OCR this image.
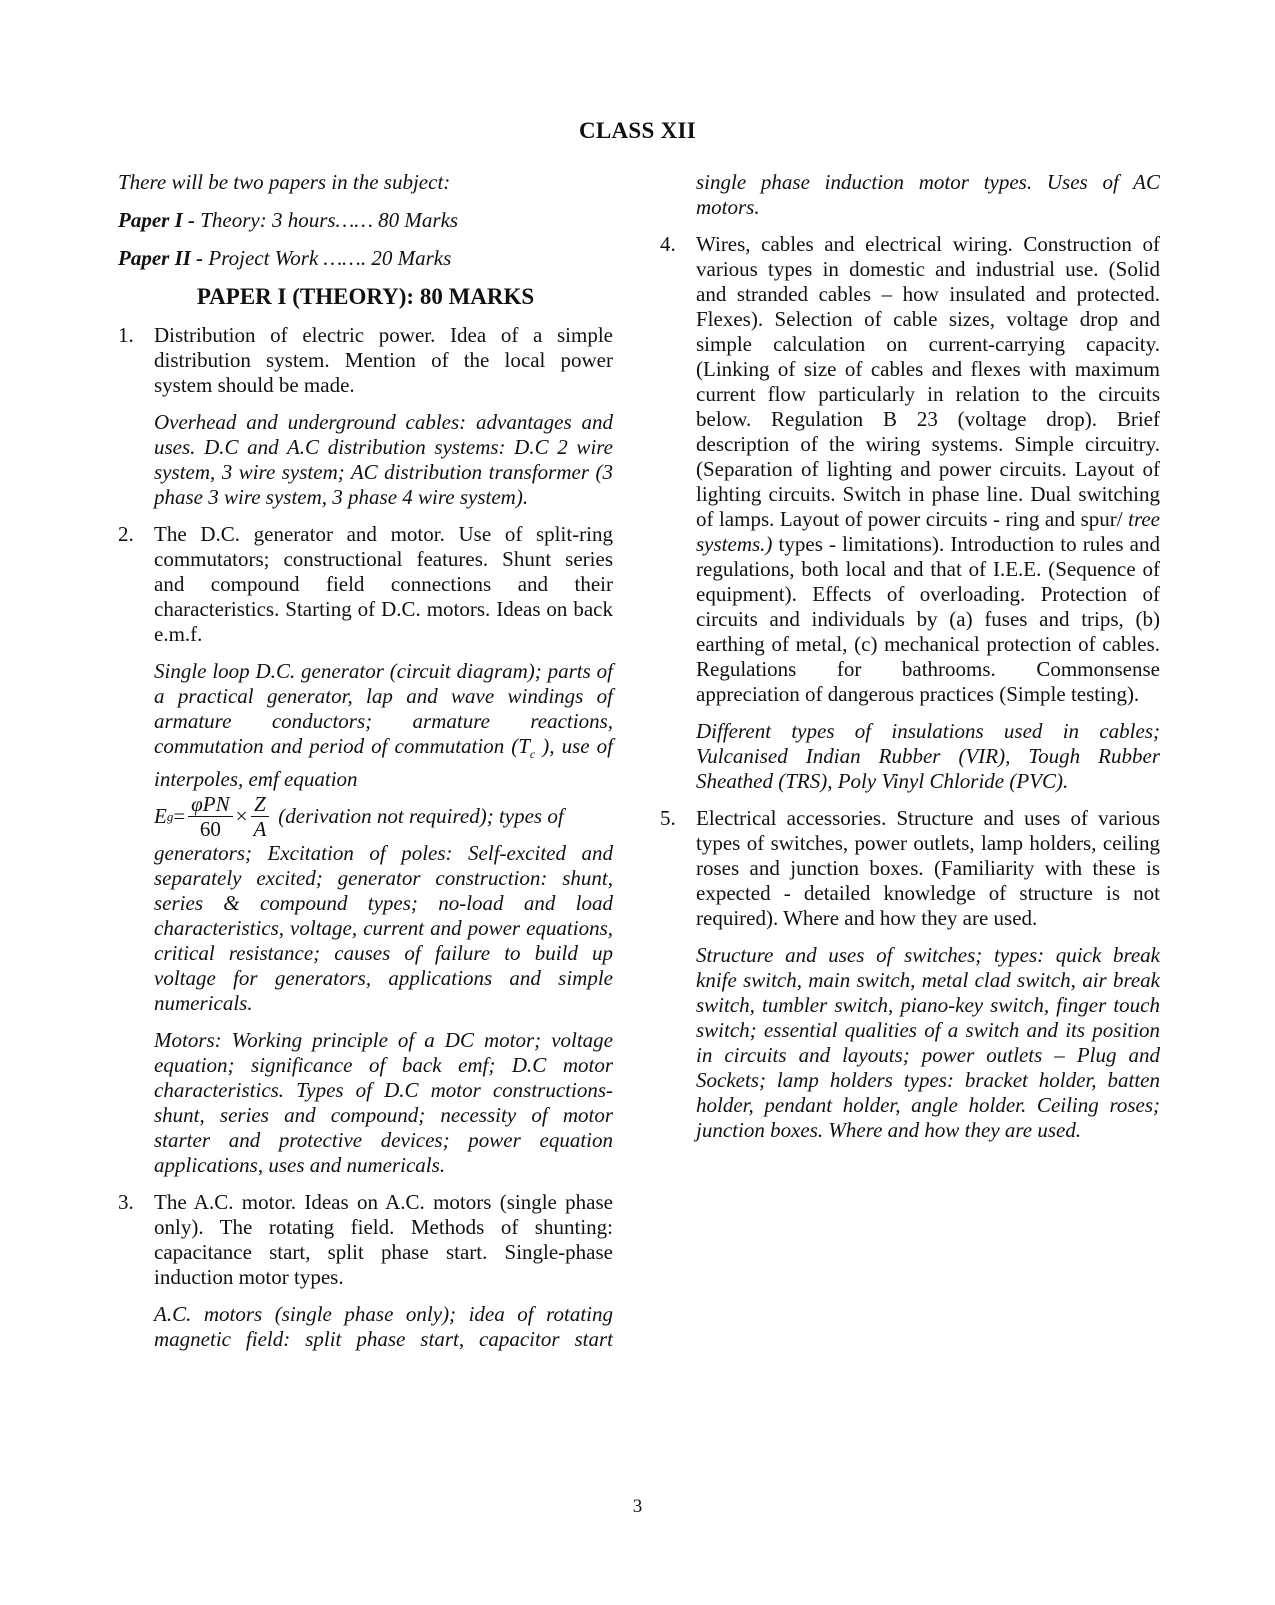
CLASS XII

There will be two papers in the subject:

Paper I - Theory: 3 hours…… 80 Marks

Paper II - Project Work ……. 20 Marks

PAPER I (THEORY): 80 MARKS
1. Distribution of electric power. Idea of a simple distribution system. Mention of the local power system should be made.

Overhead and underground cables: advantages and uses. D.C and A.C distribution systems: D.C 2 wire system, 3 wire system; AC distribution transformer (3 phase 3 wire system, 3 phase 4 wire system).

2. The D.C. generator and motor. Use of split-ring commutators; constructional features. Shunt series and compound field connections and their characteristics. Starting of D.C. motors. Ideas on back e.m.f.

Single loop D.C. generator (circuit diagram); parts of a practical generator, lap and wave windings of armature conductors; armature reactions, commutation and period of commutation ($T_c$ ), use of interpoles, emf equation

E $g = \frac{\text{φPN}}{60} \times \frac{Z}{A}$ (derivation not required); types of

generators; Excitation of poles: Self-excited and separately excited; generator construction: shunt, series & compound types; no-load and load characteristics, voltage, current and power equations, critical resistance; causes of failure to build up voltage for generators, applications and simple numericals.

Motors: Working principle of a DC motor; voltage equation; significance of back emf; D.C motor characteristics. Types of D.C motor constructions-shunt, series and compound; necessity of motor starter and protective devices; power equation applications, uses and numericals.

3. The A.C. motor. Ideas on A.C. motors (single phase only). The rotating field. Methods of shunting: capacitance start, split phase start. Single-phase induction motor types.

A.C. motors (single phase only); idea of rotating magnetic field: split phase start, capacitor start

single phase induction motor types. Uses of AC motors.

4. Wires, cables and electrical wiring. Construction of various types in domestic and industrial use. (Solid and stranded cables – how insulated and protected. Flexes). Selection of cable sizes, voltage drop and simple calculation on current-carrying capacity. (Linking of size of cables and flexes with maximum current flow particularly in relation to the circuits below. Regulation B 23 (voltage drop). Brief description of the wiring systems. Simple circuitry. (Separation of lighting and power circuits. Layout of lighting circuits. Switch in phase line. Dual switching of lamps. Layout of power circuits - ring and spur/ tree systems.) types - limitations). Introduction to rules and regulations, both local and that of I.E.E. (Sequence of equipment). Effects of overloading. Protection of circuits and individuals by (a) fuses and trips, (b) earthing of metal, (c) mechanical protection of cables. Regulations for bathrooms. Commonsense appreciation of dangerous practices (Simple testing).

Different types of insulations used in cables; Vulcanised Indian Rubber (VIR), Tough Rubber Sheathed (TRS), Poly Vinyl Chloride (PVC).

5. Electrical accessories. Structure and uses of various types of switches, power outlets, lamp holders, ceiling roses and junction boxes. (Familiarity with these is expected - detailed knowledge of structure is not required). Where and how they are used.

Structure and uses of switches; types: quick break knife switch, main switch, metal clad switch, air break switch, tumbler switch, piano-key switch, finger touch switch; essential qualities of a switch and its position in circuits and layouts; power outlets – Plug and Sockets; lamp holders types: bracket holder, batten holder, pendant holder, angle holder. Ceiling roses; junction boxes. Where and how they are used.

3
